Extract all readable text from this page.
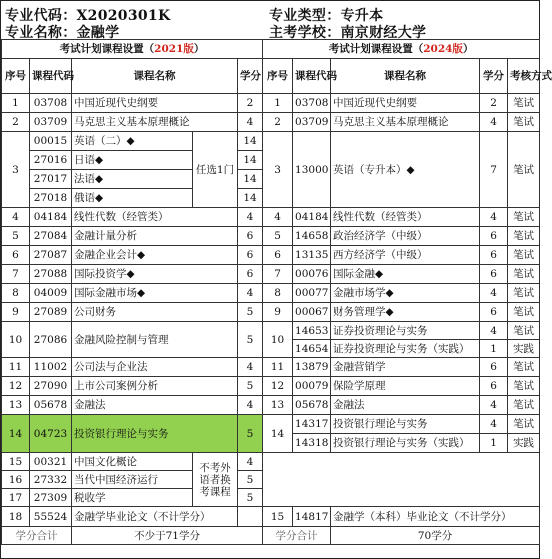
专业代码：X2020301K	专业类型：专升本
专业名称：金融学	主考学校：南京财经大学
考试计划课程设置（2021版）					考试计划课程设置（2024版）				
序号	课程代码	课程名称		学分	序号	课程代码	课程名称	学分	考核方式
1	03708	中国近现代史纲要		2	1	03708	中国近现代史纲要	2	笔试
2	03709	马克思主义基本原理概论		4	2	03709	马克思主义基本原理概论	4	笔试
3	00015	英语（二）◆	任选1门	14	3	13000	英语（专升本）◆	7	笔试
	27016	日语◆		14					
	27017	法语◆		14					
	27018	俄语◆		14					
4	04184	线性代数（经管类）		4	4	04184	线性代数（经管类）	4	笔试
5	27084	金融计量分析		6	5	14658	政治经济学（中级）	6	笔试
6	27087	金融企业会计◆		6	6	13135	西方经济学（中级）	6	笔试
7	27088	国际投资学◆		6	7	00076	国际金融◆	6	笔试
8	04009	国际金融市场◆		4	8	00077	金融市场学◆	4	笔试
9	27089	公司财务		5	9	00067	财务管理学◆	6	笔试
10	27086	金融风险控制与管理		5	10	14653	证券投资理论与实务	4	笔试
						14654	证券投资理论与实务（实践）	1	实践
11	11002	公司法与企业法		4	11	13879	金融营销学	6	笔试
12	27090	上市公司案例分析		5	12	00079	保险学原理	6	笔试
13	05678	金融法		4	13	05678	金融法	4	笔试
14	04723	投资银行理论与实务		5	14	14317	投资银行理论与实务	4	笔试
						14318	投资银行理论与实务（实践）	1	实践
15	00321	中国文化概论	不考外语者换考课程	4					
16	27332	当代中国经济运行		5					
17	27309	税收学		5					
18	55524	金融学毕业论文（不计学分）			15	14817	金融学（本科）毕业论文（不计学分）		
学分合计		不少于71学分			学分合计		70学分		
